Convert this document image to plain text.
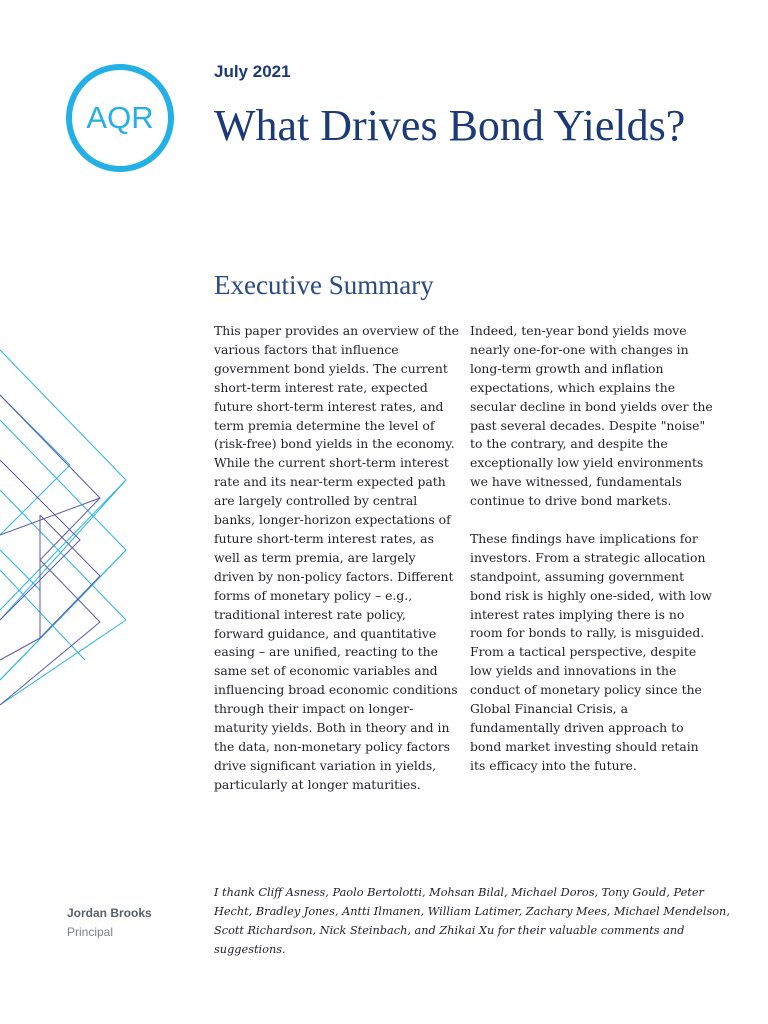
AQR
July 2021
What Drives Bond Yields?
Executive Summary

This paper provides an overview of the various factors that influence government bond yields. The current short-term interest rate, expected future short-term interest rates, and term premia determine the level of (risk-free) bond yields in the economy. While the current short-term interest rate and its near-term expected path are largely controlled by central banks, longer-horizon expectations of future short-term interest rates, as well as term premia, are largely driven by non-policy factors. Different forms of monetary policy – e.g., traditional interest rate policy, forward guidance, and quantitative easing – are unified, reacting to the same set of economic variables and influencing broad economic conditions through their impact on longer-maturity yields. Both in theory and in the data, non-monetary policy factors drive significant variation in yields, particularly at longer maturities.

Indeed, ten-year bond yields move nearly one-for-one with changes in long-term growth and inflation expectations, which explains the secular decline in bond yields over the past several decades. Despite "noise" to the contrary, and despite the exceptionally low yield environments we have witnessed, fundamentals continue to drive bond markets.

These findings have implications for investors. From a strategic allocation standpoint, assuming government bond risk is highly one-sided, with low interest rates implying there is no room for bonds to rally, is misguided. From a tactical perspective, despite low yields and innovations in the conduct of monetary policy since the Global Financial Crisis, a fundamentally driven approach to bond market investing should retain its efficacy into the future.

I thank Cliff Asness, Paolo Bertolotti, Mohsan Bilal, Michael Doros, Tony Gould, Peter Hecht, Bradley Jones, Antti Ilmanen, William Latimer, Zachary Mees, Michael Mendelson, Scott Richardson, Nick Steinbach, and Zhikai Xu for their valuable comments and suggestions.
Jordan Brooks
Principal
